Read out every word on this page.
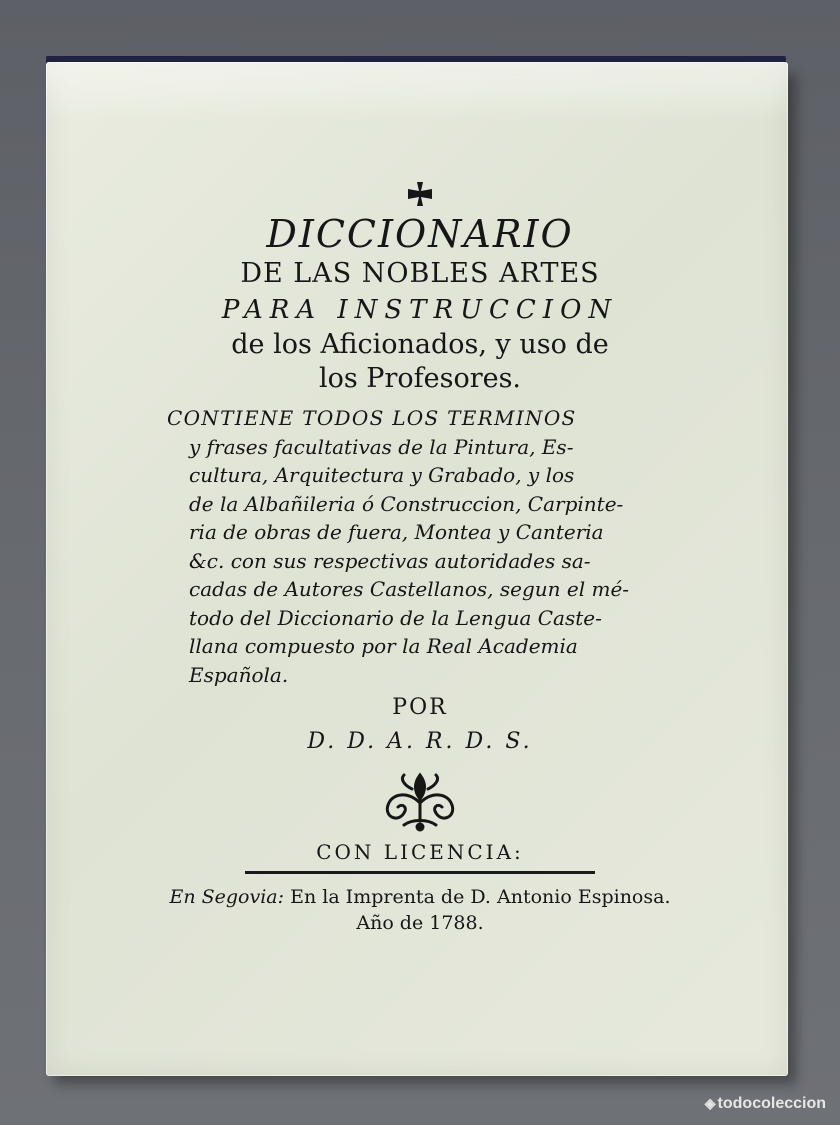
DICCIONARIO
DE LAS NOBLES ARTES
PARA INSTRUCCION
de los Aficionados, y uso de
los Profesores.
CONTIENE TODOS LOS TERMINOS
y frases facultativas de la Pintura, Es-
cultura, Arquitectura y Grabado, y los
de la Albañileria ó Construccion, Carpinte-
ria de obras de fuera, Montea y Canteria
&c. con sus respectivas autoridades sa-
cadas de Autores Castellanos, segun el mé-
todo del Diccionario de la Lengua Caste-
llana compuesto por la Real Academia
Española.
POR
D. D. A. R. D. S.
CON LICENCIA:
En Segovia: En la Imprenta de D. Antonio Espinosa.
Año de 1788.
◈ todocoleccion
